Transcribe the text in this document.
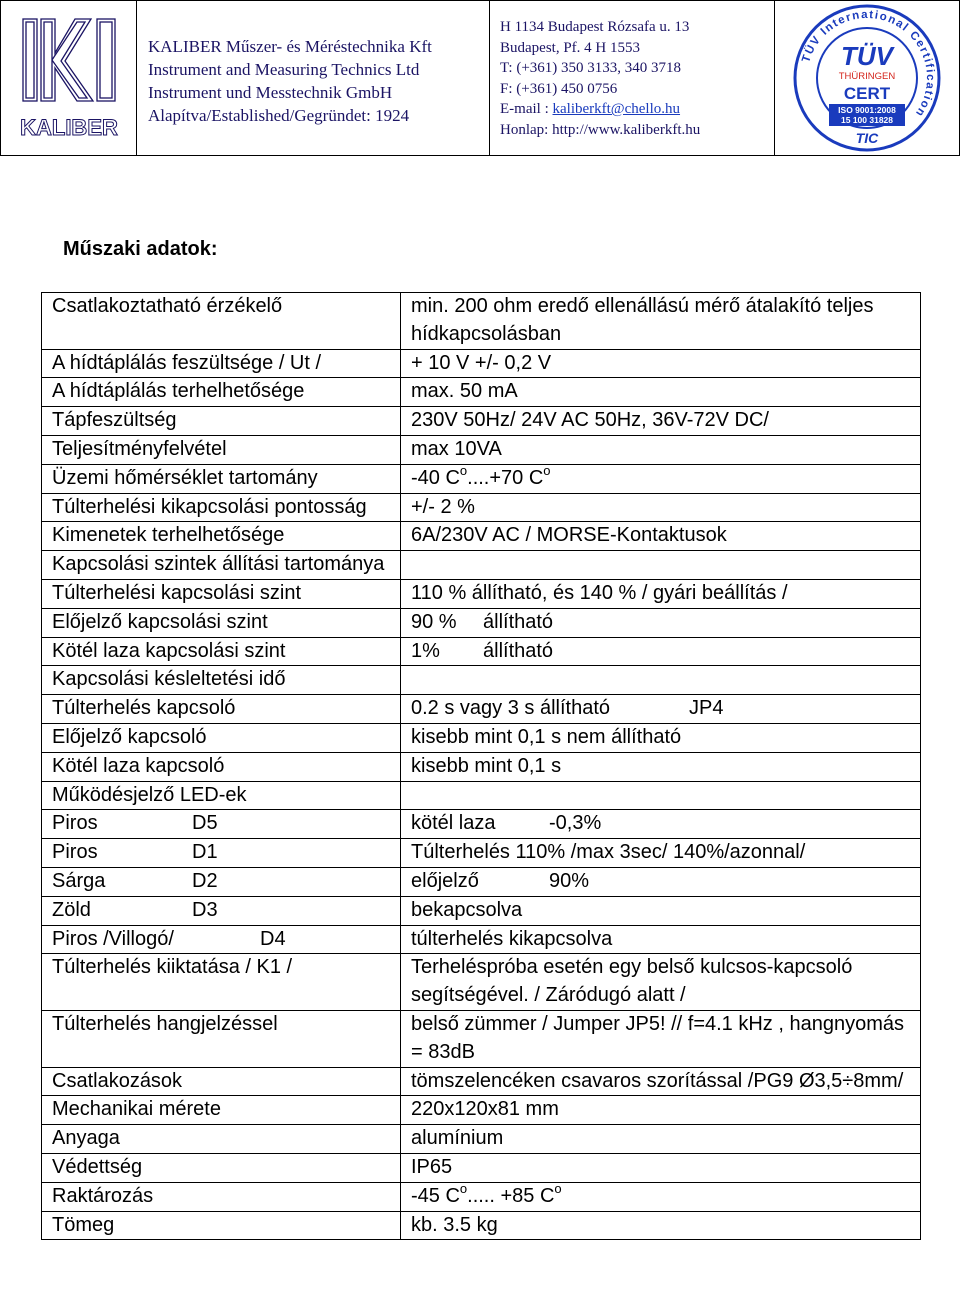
KALIBER
KALIBER Műszer- és Méréstechnika Kft
Instrument and Measuring Technics Ltd
Instrument und Messtechnik GmbH
Alapítva/Established/Gegründet: 1924
H 1134 Budapest Rózsafa u. 13
Budapest, Pf. 4 H 1553
T: (+361) 350 3133, 340 3718
F: (+361) 450 0756
E-mail : kaliberkft@chello.hu
Honlap: http://www.kaliberkft.hu
TÜV International Certification
TÜV
THÜRINGEN
CERT
ISO 9001:2008
15 100 31828
TIC
Műszaki adatok:
Csatlakoztatható érzékelő	min. 200 ohm eredő ellenállású mérő átalakító teljes hídkapcsolásban
A hídtáplálás feszültsége / Ut /	+ 10 V +/- 0,2 V
A hídtáplálás terhelhetősége	max. 50 mA
Tápfeszültség	230V 50Hz/ 24V AC 50Hz, 36V-72V DC/
Teljesítményfelvétel	max 10VA
Üzemi hőmérséklet tartomány	-40 $C^o....+70$ $C^o$
Túlterhelési kikapcsolási pontosság	+/- 2 %
Kimenetek terhelhetősége	6A/230V AC / MORSE-Kontaktusok
Kapcsolási szintek állítási tartománya	
Túlterhelési kapcsolási szint	110 % állítható, és 140 % / gyári beállítás /
Előjelző kapcsolási szint	90 % állítható
Kötél laza kapcsolási szint	1% állítható
Kapcsolási késleltetési idő	
Túlterhelés kapcsoló	0.2 s vagy 3 s állítható JP4
Előjelző kapcsoló	kisebb mint 0,1 s nem állítható
Kötél laza kapcsoló	kisebb mint 0,1 s
Működésjelző LED-ek	
Piros D5	kötél laza -0,3%
Piros D1	Túlterhelés 110% /max 3sec/ 140%/azonnal/
Sárga D2	előjelző 90%
Zöld D3	bekapcsolva
Piros /Villogó/ D4	túlterhelés kikapcsolva
Túlterhelés kiiktatása / K1 /	Terheléspróba esetén egy belső kulcsos-kapcsoló segítségével. / Záródugó alatt /
Túlterhelés hangjelzéssel	belső zümmer / Jumper JP5! // f=4.1 kHz , hangnyomás = 83dB
Csatlakozások	tömszelencéken csavaros szorítással /PG9 Ø3,5÷8mm/
Mechanikai mérete	220x120x81 mm
Anyaga	alumínium
Védettség	IP65
Raktározás	-45 $C^o$..... +85 $C^o$
Tömeg	kb. 3.5 kg
